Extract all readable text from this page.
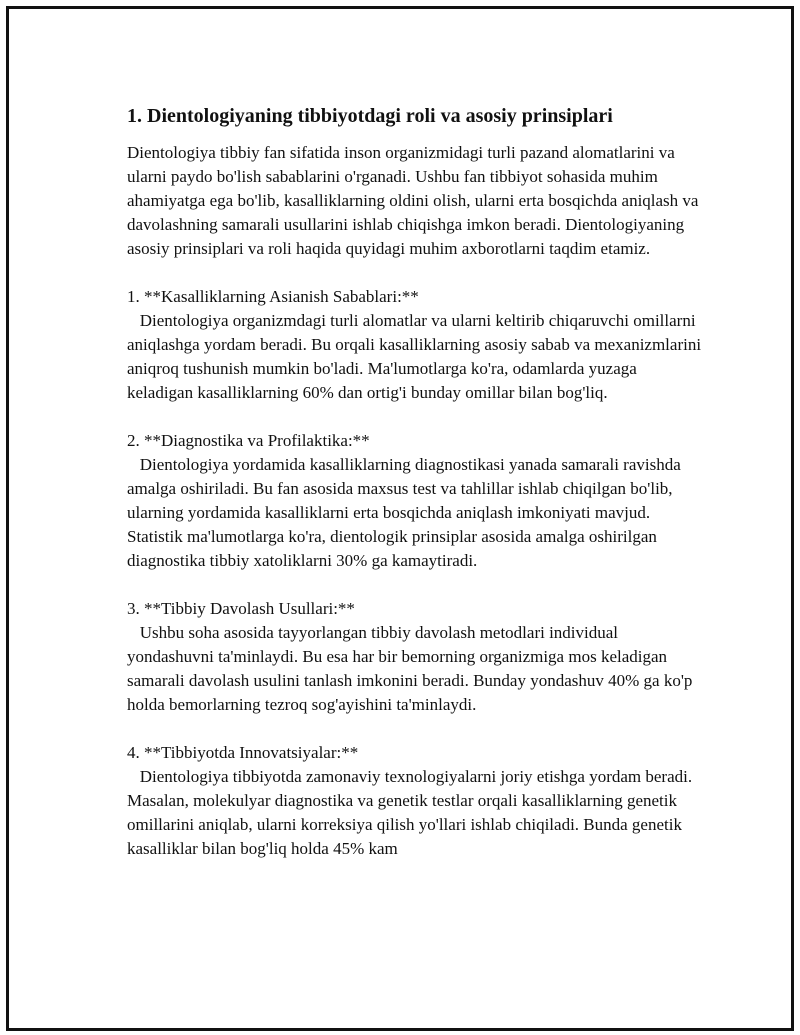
1. Dientologiyaning tibbiyotdagi roli va asosiy prinsiplari

Dientologiya tibbiy fan sifatida inson organizmidagi turli pazand alomatlarini va ularni paydo bo'lish sabablarini o'rganadi. Ushbu fan tibbiyot sohasida muhim ahamiyatga ega bo'lib, kasalliklarning oldini olish, ularni erta bosqichda aniqlash va davolashning samarali usullarini ishlab chiqishga imkon beradi. Dientologiyaning asosiy prinsiplari va roli haqida quyidagi muhim axborotlarni taqdim etamiz.

1. **Kasalliklarning Asianish Sabablari:**

Dientologiya organizmdagi turli alomatlar va ularni keltirib chiqaruvchi omillarni aniqlashga yordam beradi. Bu orqali kasalliklarning asosiy sabab va mexanizmlarini aniqroq tushunish mumkin bo'ladi. Ma'lumotlarga ko'ra, odamlarda yuzaga keladigan kasalliklarning 60% dan ortig'i bunday omillar bilan bog'liq.

2. **Diagnostika va Profilaktika:**

Dientologiya yordamida kasalliklarning diagnostikasi yanada samarali ravishda amalga oshiriladi. Bu fan asosida maxsus test va tahlillar ishlab chiqilgan bo'lib, ularning yordamida kasalliklarni erta bosqichda aniqlash imkoniyati mavjud. Statistik ma'lumotlarga ko'ra, dientologik prinsiplar asosida amalga oshirilgan diagnostika tibbiy xatoliklarni 30% ga kamaytiradi.

3. **Tibbiy Davolash Usullari:**

Ushbu soha asosida tayyorlangan tibbiy davolash metodlari individual yondashuvni ta'minlaydi. Bu esa har bir bemorning organizmiga mos keladigan samarali davolash usulini tanlash imkonini beradi. Bunday yondashuv 40% ga ko'p holda bemorlarning tezroq sog'ayishini ta'minlaydi.

4. **Tibbiyotda Innovatsiyalar:**

Dientologiya tibbiyotda zamonaviy texnologiyalarni joriy etishga yordam beradi. Masalan, molekulyar diagnostika va genetik testlar orqali kasalliklarning genetik omillarini aniqlab, ularni korreksiya qilish yo'llari ishlab chiqiladi. Bunda genetik kasalliklar bilan bog'liq holda 45% kam
